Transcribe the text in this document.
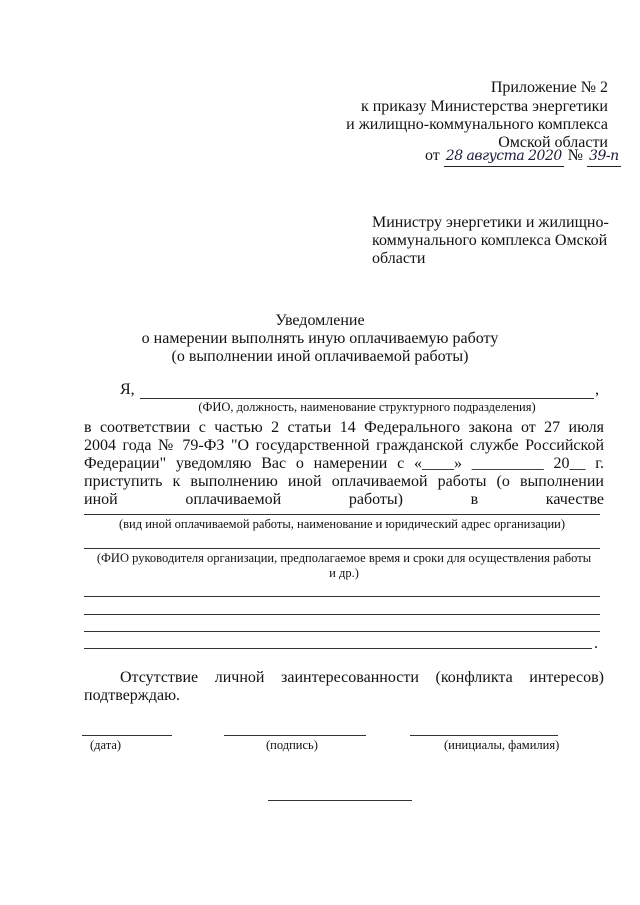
Приложение № 2
к приказу Министерства энергетики
и жилищно-коммунального комплекса
Омской области
от 28 августа 2020 № 39-п
Министру энергетики и жилищно-
коммунального комплекса Омской
области
Уведомление
о намерении выполнять иную оплачиваемую работу
(о выполнении иной оплачиваемой работы)
Я,	,
(ФИО, должность, наименование структурного подразделения)
в соответствии с частью 2 статьи 14 Федерального закона от 27 июля
2004 года № 79-ФЗ "О государственной гражданской службе Российской
Федерации" уведомляю Вас о намерении с «____» _________ 20__ г.
приступить к выполнению иной оплачиваемой работы (о выполнении
иной оплачиваемой работы) в качестве
(вид иной оплачиваемой работы, наименование и юридический адрес организации)
(ФИО руководителя организации, предполагаемое время и сроки для осуществления работы
и др.)
.
Отсутствие личной заинтересованности (конфликта интересов)
подтверждаю.
(дата)	(подпись)	(инициалы, фамилия)
